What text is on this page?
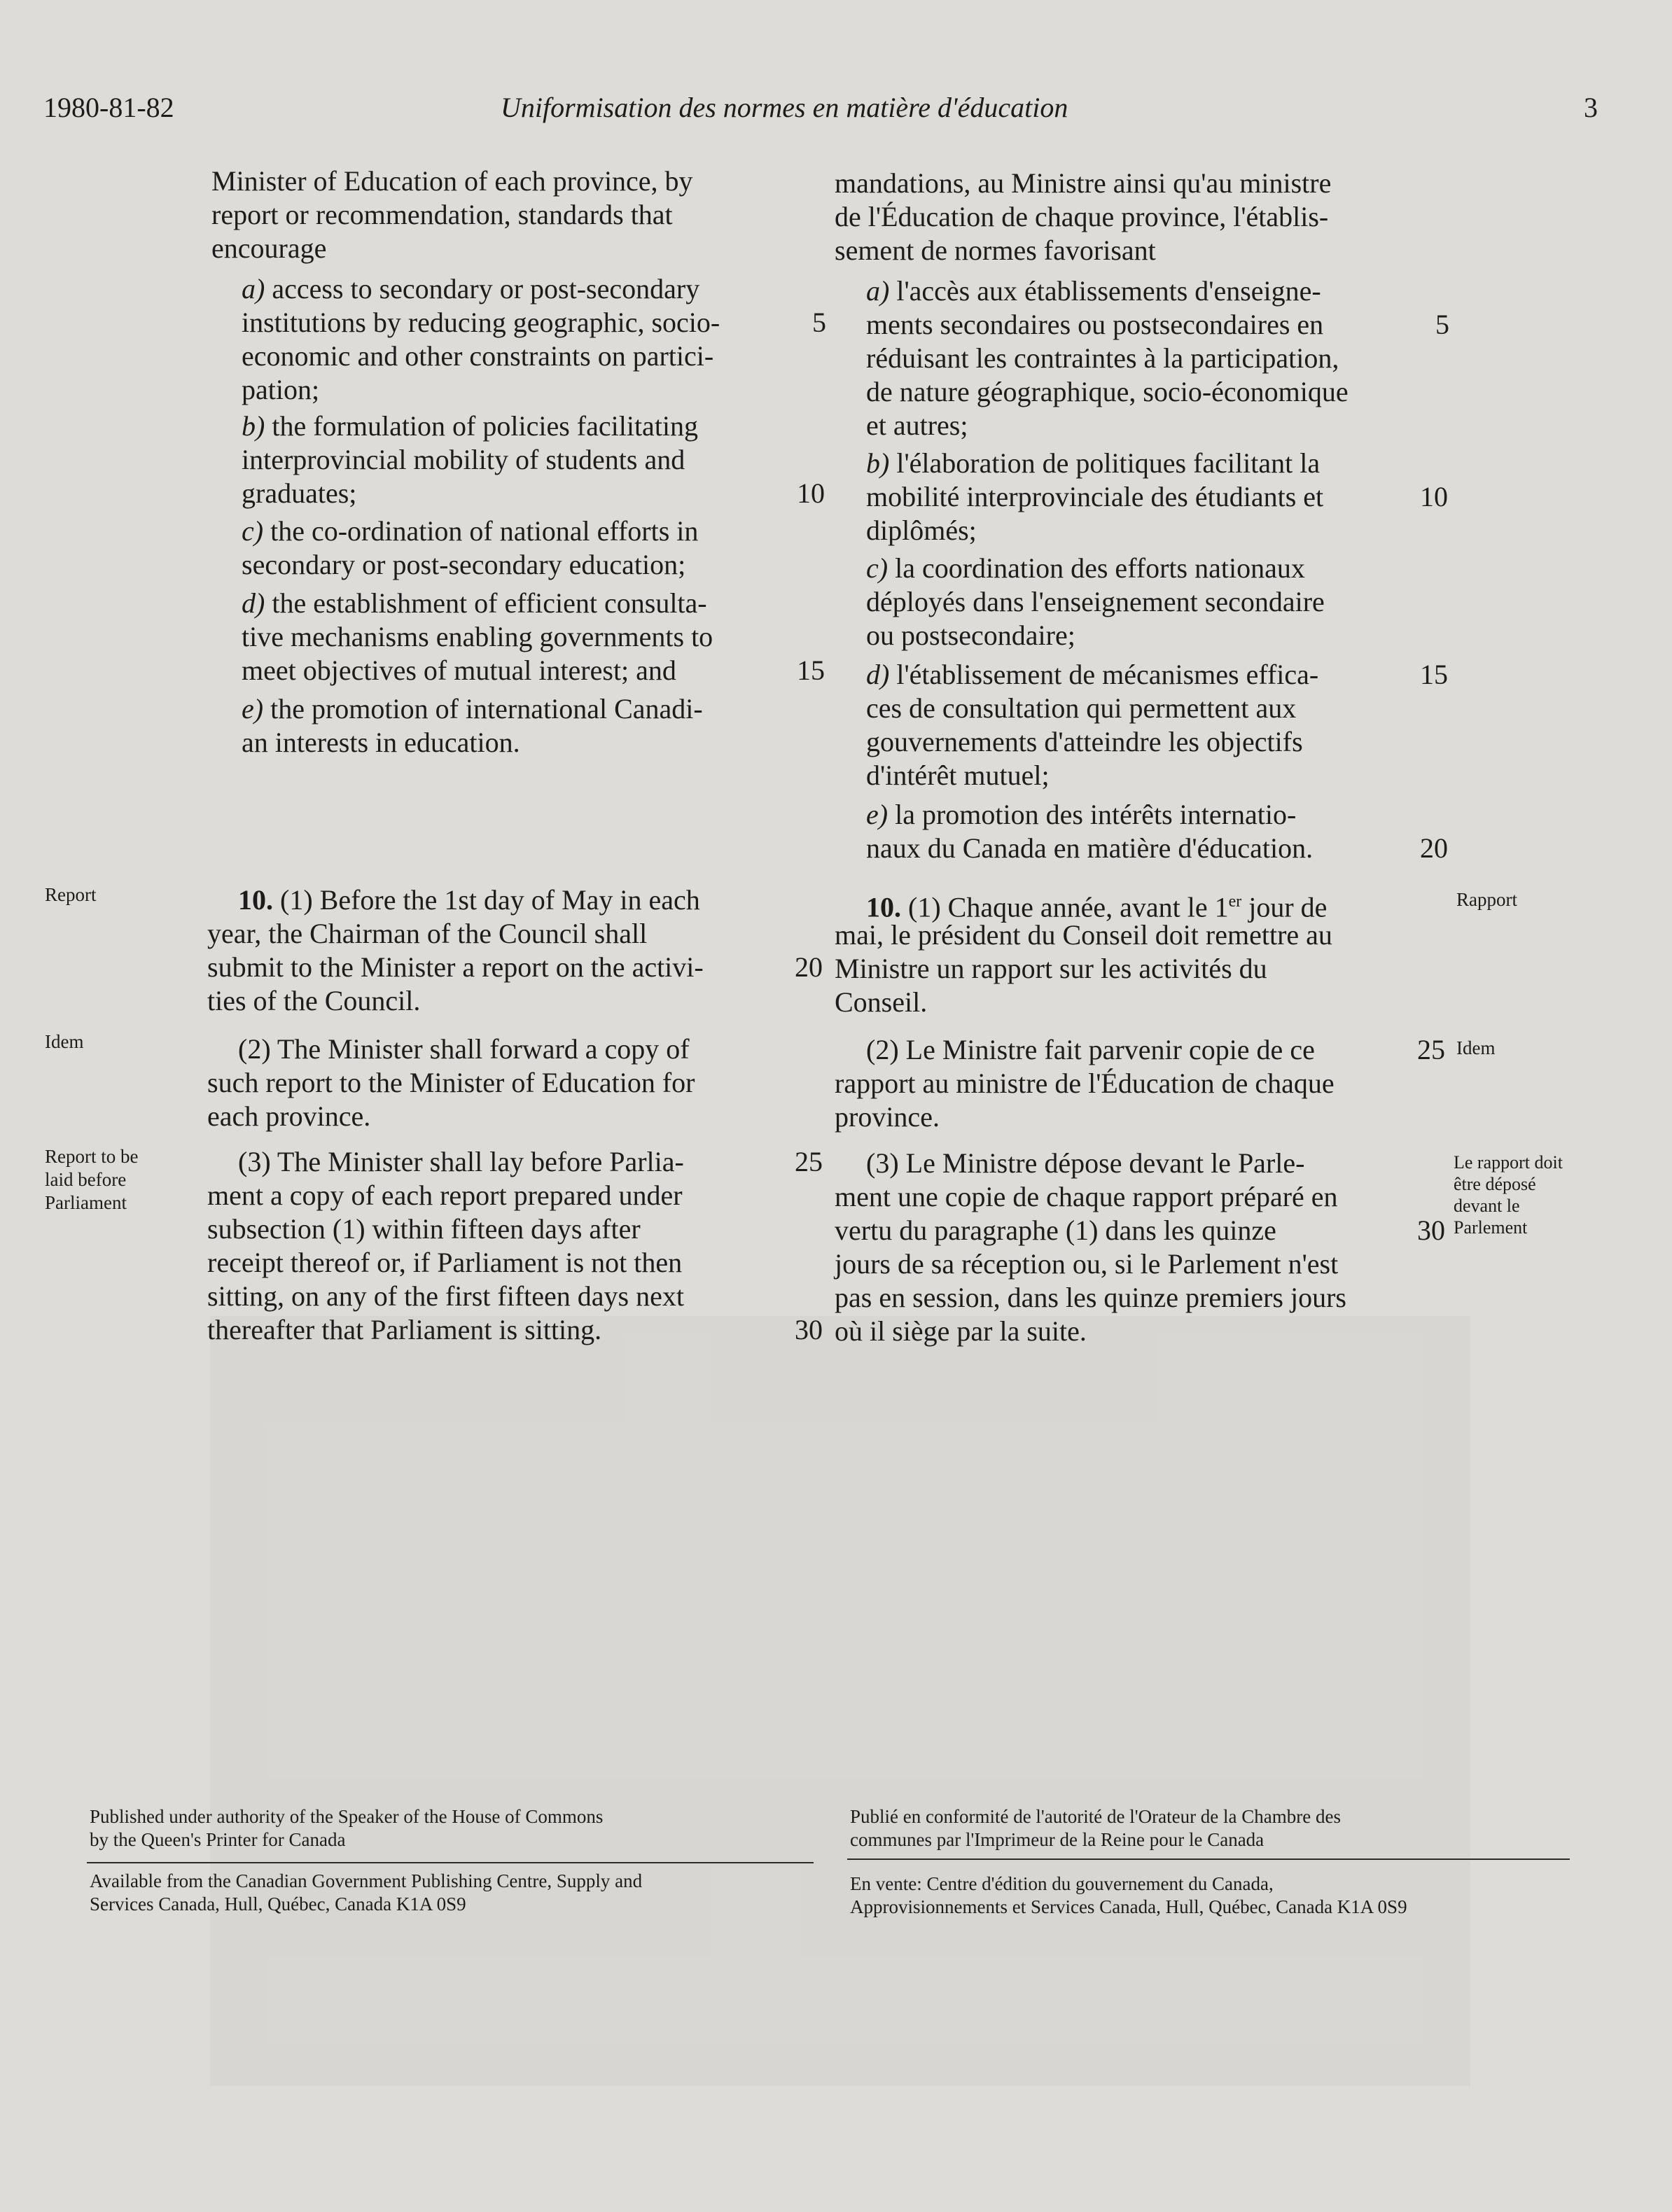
1980-81-82	Uniformisation des normes en matière d'éducation	3
Minister of Education of each province, by
report or recommendation, standards that
encourage
a) access to secondary or post-secondary
institutions by reducing geographic, socio-
economic and other constraints on partici-
pation;
b) the formulation of policies facilitating
interprovincial mobility of students and
graduates;
c) the co-ordination of national efforts in
secondary or post-secondary education;
d) the establishment of efficient consulta-
tive mechanisms enabling governments to
meet objectives of mutual interest; and
e) the promotion of international Canadi-
an interests in education.
10. (1) Before the 1st day of May in each
year, the Chairman of the Council shall
submit to the Minister a report on the activi-
ties of the Council.
(2) The Minister shall forward a copy of
such report to the Minister of Education for
each province.
(3) The Minister shall lay before Parlia-
ment a copy of each report prepared under
subsection (1) within fifteen days after
receipt thereof or, if Parliament is not then
sitting, on any of the first fifteen days next
thereafter that Parliament is sitting.
5
10
15
20
25
30
mandations, au Ministre ainsi qu'au ministre
de l'Éducation de chaque province, l'établis-
sement de normes favorisant
a) l'accès aux établissements d'enseigne-
ments secondaires ou postsecondaires en
réduisant les contraintes à la participation,
de nature géographique, socio-économique
et autres;
b) l'élaboration de politiques facilitant la
mobilité interprovinciale des étudiants et
diplômés;
c) la coordination des efforts nationaux
déployés dans l'enseignement secondaire
ou postsecondaire;
d) l'établissement de mécanismes effica-
ces de consultation qui permettent aux
gouvernements d'atteindre les objectifs
d'intérêt mutuel;
e) la promotion des intérêts internatio-
naux du Canada en matière d'éducation.
10. (1) Chaque année, avant le 1er jour de
mai, le président du Conseil doit remettre au
Ministre un rapport sur les activités du
Conseil.
(2) Le Ministre fait parvenir copie de ce
rapport au ministre de l'Éducation de chaque
province.
(3) Le Ministre dépose devant le Parle-
ment une copie de chaque rapport préparé en
vertu du paragraphe (1) dans les quinze
jours de sa réception ou, si le Parlement n'est
pas en session, dans les quinze premiers jours
où il siège par la suite.
5
10
15
20
25
30
Report
Idem
Report to be
laid before
Parliament
Rapport
Idem
Le rapport doit
être déposé
devant le
Parlement
Published under authority of the Speaker of the House of Commons
by the Queen's Printer for Canada
Available from the Canadian Government Publishing Centre, Supply and
Services Canada, Hull, Québec, Canada K1A 0S9
Publié en conformité de l'autorité de l'Orateur de la Chambre des
communes par l'Imprimeur de la Reine pour le Canada
En vente: Centre d'édition du gouvernement du Canada,
Approvisionnements et Services Canada, Hull, Québec, Canada K1A 0S9
